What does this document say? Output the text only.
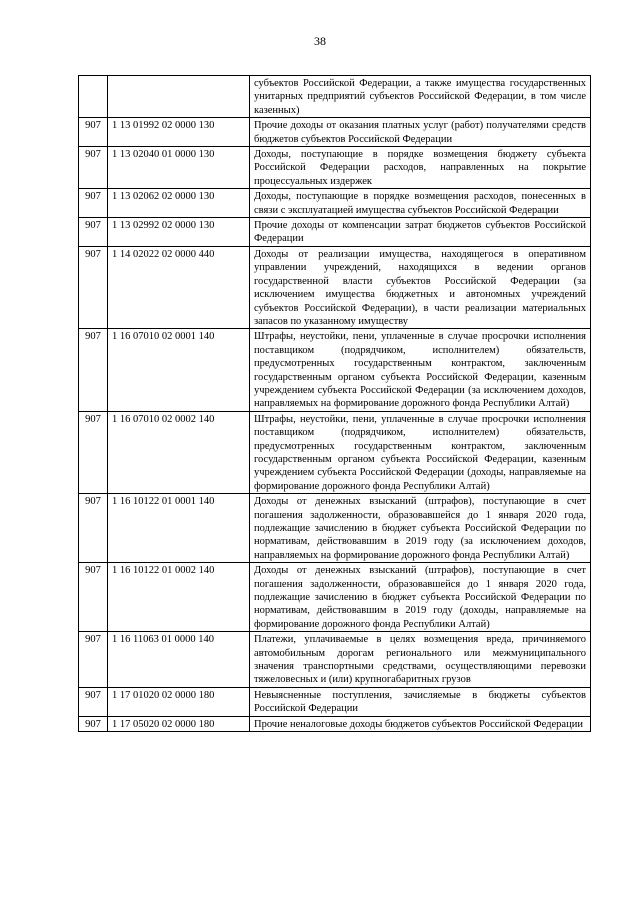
38
		субъектов Российской Федерации, а также имущества государственных унитарных предприятий субъектов Российской Федерации, в том числе казенных)
907	1 13 01992 02 0000 130	Прочие доходы от оказания платных услуг (работ) получателями средств бюджетов субъектов Российской Федерации
907	1 13 02040 01 0000 130	Доходы, поступающие в порядке возмещения бюджету субъекта Российской Федерации расходов, направленных на покрытие процессуальных издержек
907	1 13 02062 02 0000 130	Доходы, поступающие в порядке возмещения расходов, понесенных в связи с эксплуатацией имущества субъектов Российской Федерации
907	1 13 02992 02 0000 130	Прочие доходы от компенсации затрат бюджетов субъектов Российской Федерации
907	1 14 02022 02 0000 440	Доходы от реализации имущества, находящегося в оперативном управлении учреждений, находящихся в ведении органов государственной власти субъектов Российской Федерации (за исключением имущества бюджетных и автономных учреждений субъектов Российской Федерации), в части реализации материальных запасов по указанному имуществу
907	1 16 07010 02 0001 140	Штрафы, неустойки, пени, уплаченные в случае просрочки исполнения поставщиком (подрядчиком, исполнителем) обязательств, предусмотренных государственным контрактом, заключенным государственным органом субъекта Российской Федерации, казенным учреждением субъекта Российской Федерации (за исключением доходов, направляемых на формирование дорожного фонда Республики Алтай)
907	1 16 07010 02 0002 140	Штрафы, неустойки, пени, уплаченные в случае просрочки исполнения поставщиком (подрядчиком, исполнителем) обязательств, предусмотренных государственным контрактом, заключенным государственным органом субъекта Российской Федерации, казенным учреждением субъекта Российской Федерации (доходы, направляемые на формирование дорожного фонда Республики Алтай)
907	1 16 10122 01 0001 140	Доходы от денежных взысканий (штрафов), поступающие в счет погашения задолженности, образовавшейся до 1 января 2020 года, подлежащие зачислению в бюджет субъекта Российской Федерации по нормативам, действовавшим в 2019 году (за исключением доходов, направляемых на формирование дорожного фонда Республики Алтай)
907	1 16 10122 01 0002 140	Доходы от денежных взысканий (штрафов), поступающие в счет погашения задолженности, образовавшейся до 1 января 2020 года, подлежащие зачислению в бюджет субъекта Российской Федерации по нормативам, действовавшим в 2019 году (доходы, направляемые на формирование дорожного фонда Республики Алтай)
907	1 16 11063 01 0000 140	Платежи, уплачиваемые в целях возмещения вреда, причиняемого автомобильным дорогам регионального или межмуниципального значения транспортными средствами, осуществляющими перевозки тяжеловесных и (или) крупногабаритных грузов
907	1 17 01020 02 0000 180	Невыясненные поступления, зачисляемые в бюджеты субъектов Российской Федерации
907	1 17 05020 02 0000 180	Прочие неналоговые доходы бюджетов субъектов Российской Федерации
